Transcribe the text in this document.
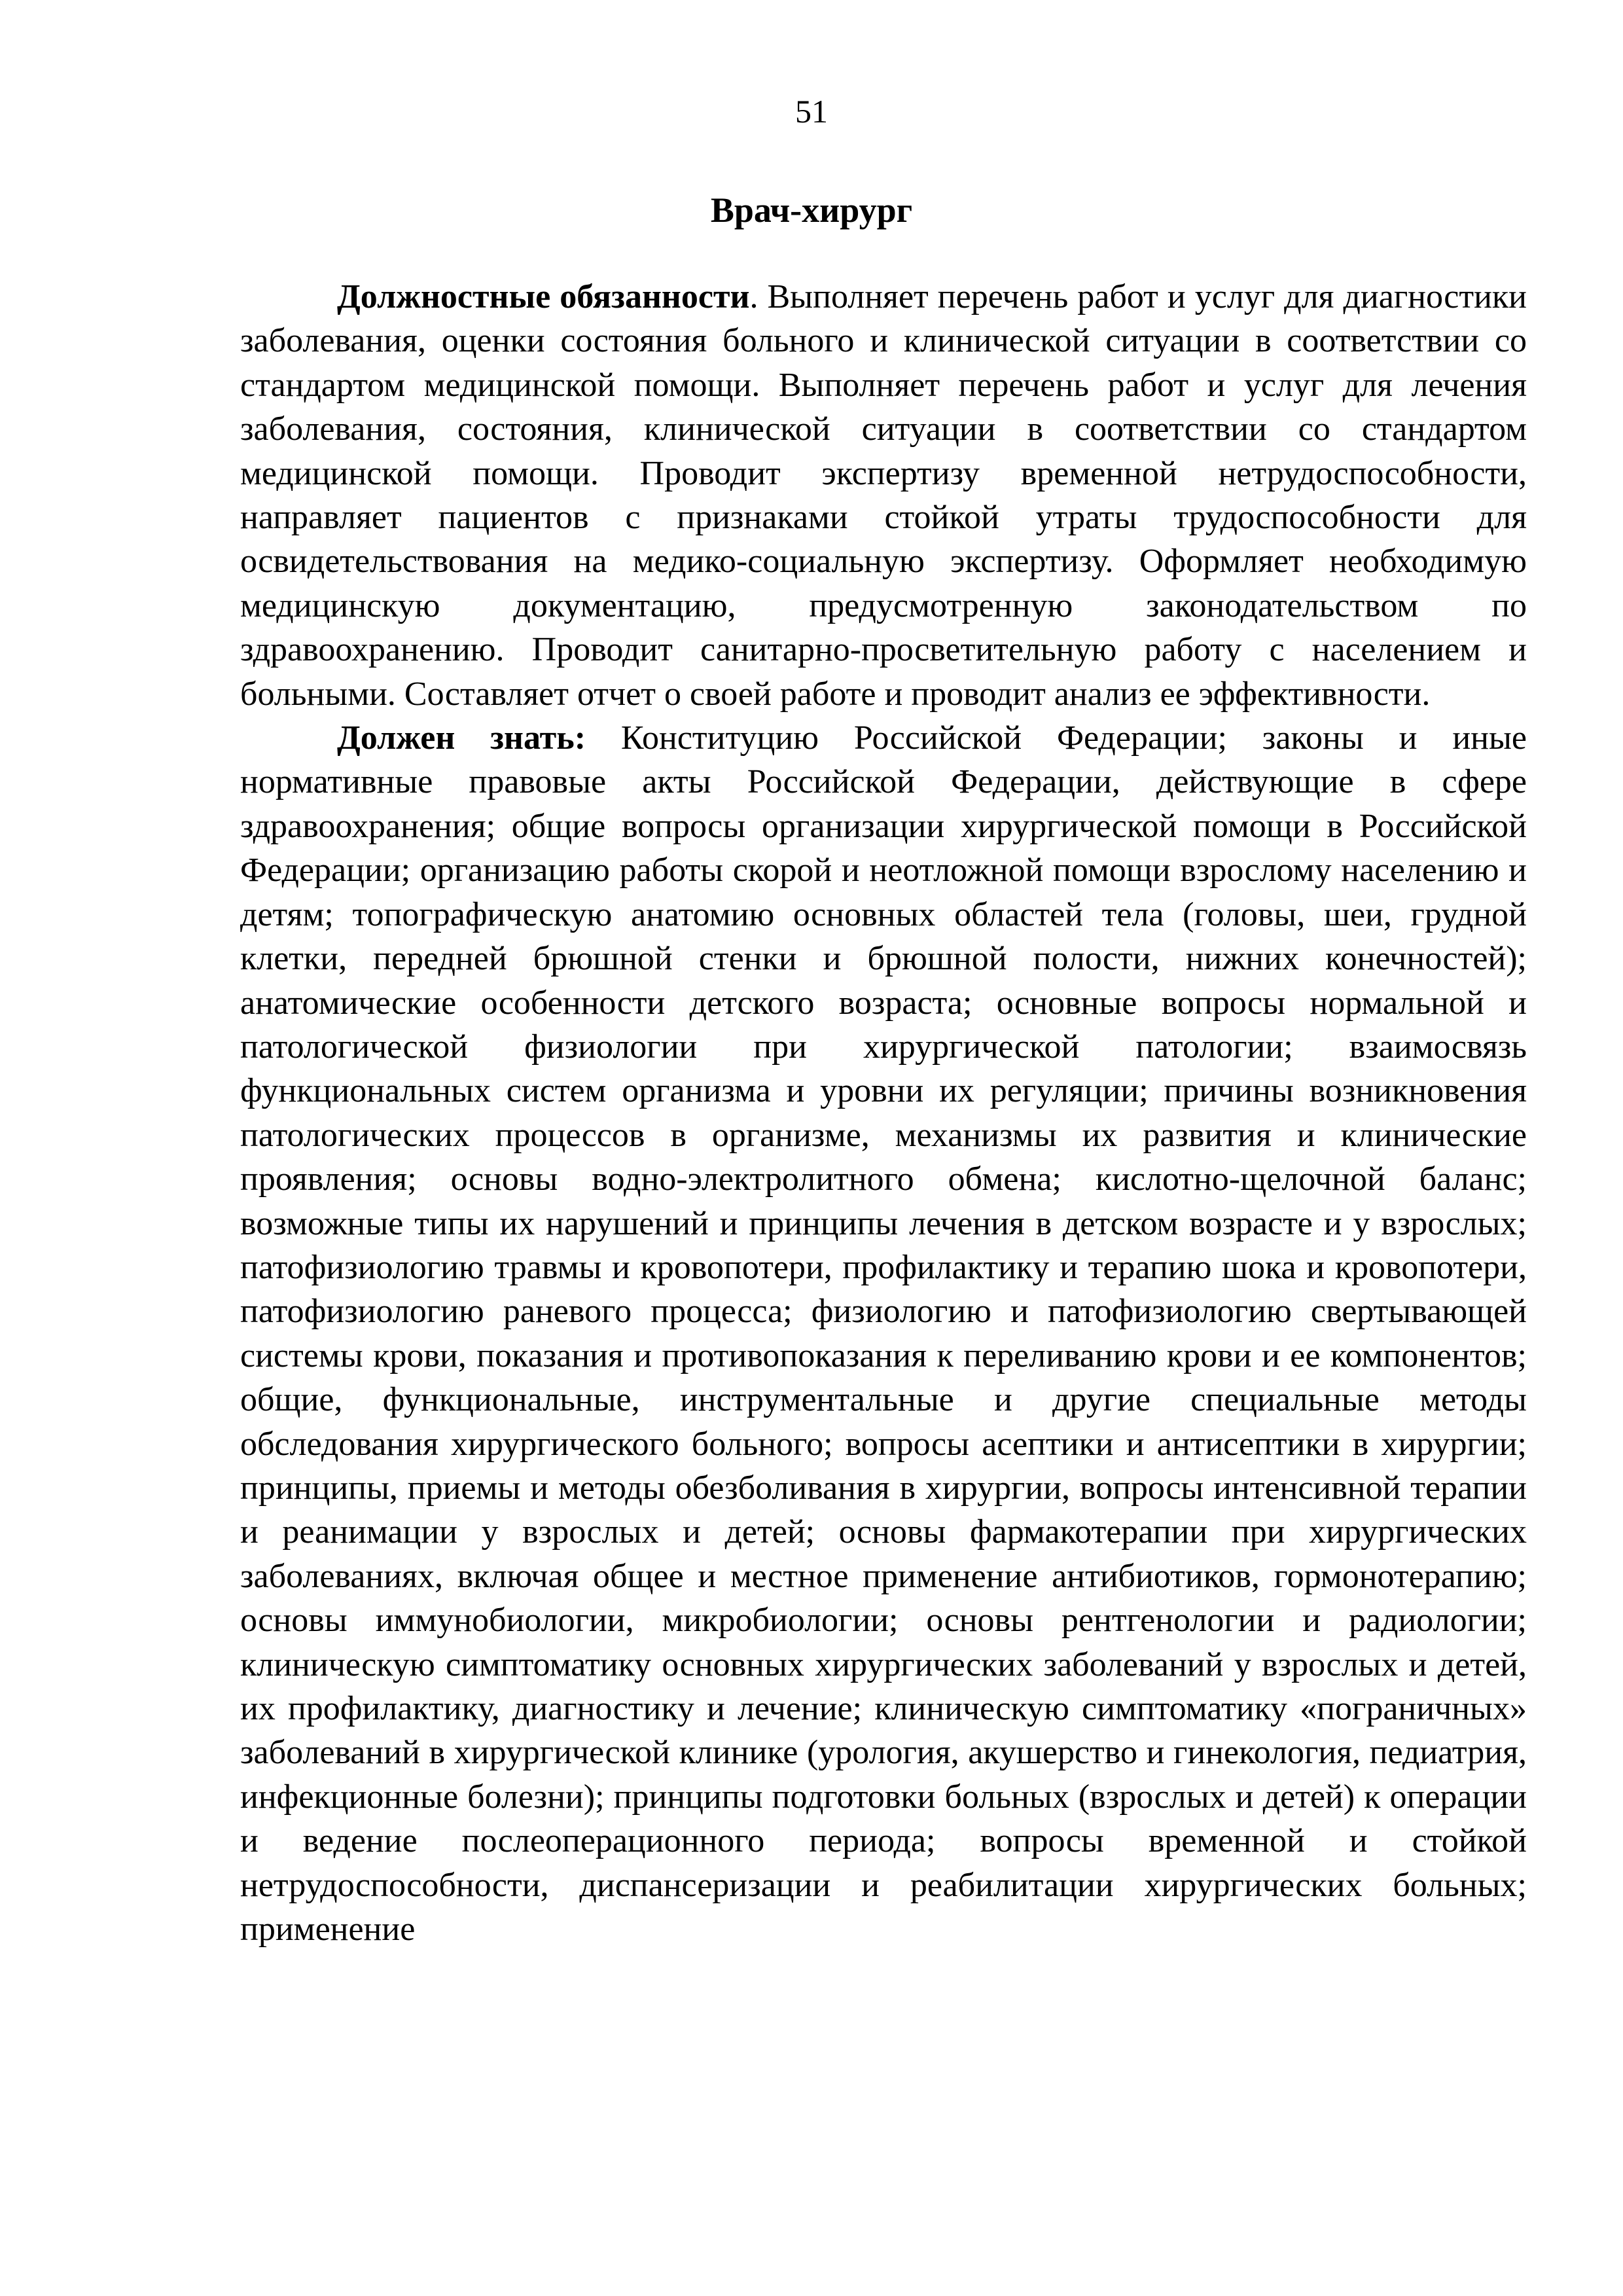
51
Врач-хирург

Должностные обязанности. Выполняет перечень работ и услуг для диагностики заболевания, оценки состояния больного и клинической ситуации в соответствии со стандартом медицинской помощи. Выполняет перечень работ и услуг для лечения заболевания, состояния, клинической ситуации в соответствии со стандартом медицинской помощи. Проводит экспертизу временной нетрудоспособности, направляет пациентов с признаками стойкой утраты трудоспособности для освидетельствования на медико-социальную экспертизу. Оформляет необходимую медицинскую документацию, предусмотренную законодательством по здравоохранению. Проводит санитарно-просветительную работу с населением и больными. Составляет отчет о своей работе и проводит анализ ее эффективности.

Должен знать: Конституцию Российской Федерации; законы и иные нормативные правовые акты Российской Федерации, действующие в сфере здравоохранения; общие вопросы организации хирургической помощи в Российской Федерации; организацию работы скорой и неотложной помощи взрослому населению и детям; топографическую анатомию основных областей тела (головы, шеи, грудной клетки, передней брюшной стенки и брюшной полости, нижних конечностей); анатомические особенности детского возраста; основные вопросы нормальной и патологической физиологии при хирургической патологии; взаимосвязь функциональных систем организма и уровни их регуляции; причины возникновения патологических процессов в организме, механизмы их развития и клинические проявления; основы водно-электролитного обмена; кислотно-щелочной баланс; возможные типы их нарушений и принципы лечения в детском возрасте и у взрослых; патофизиологию травмы и кровопотери, профилактику и терапию шока и кровопотери, патофизиологию раневого процесса; физиологию и патофизиологию свертывающей системы крови, показания и противопоказания к переливанию крови и ее компонентов; общие, функциональные, инструментальные и другие специальные методы обследования хирургического больного; вопросы асептики и антисептики в хирургии; принципы, приемы и методы обезболивания в хирургии, вопросы интенсивной терапии и реанимации у взрослых и детей; основы фармакотерапии при хирургических заболеваниях, включая общее и местное применение антибиотиков, гормонотерапию; основы иммунобиологии, микробиологии; основы рентгенологии и радиологии; клиническую симптоматику основных хирургических заболеваний у взрослых и детей, их профилактику, диагностику и лечение; клиническую симптоматику «пограничных» заболеваний в хирургической клинике (урология, акушерство и гинекология, педиатрия, инфекционные болезни); принципы подготовки больных (взрослых и детей) к операции и ведение послеоперационного периода; вопросы временной и стойкой нетрудоспособности, диспансеризации и реабилитации хирургических больных; применение
